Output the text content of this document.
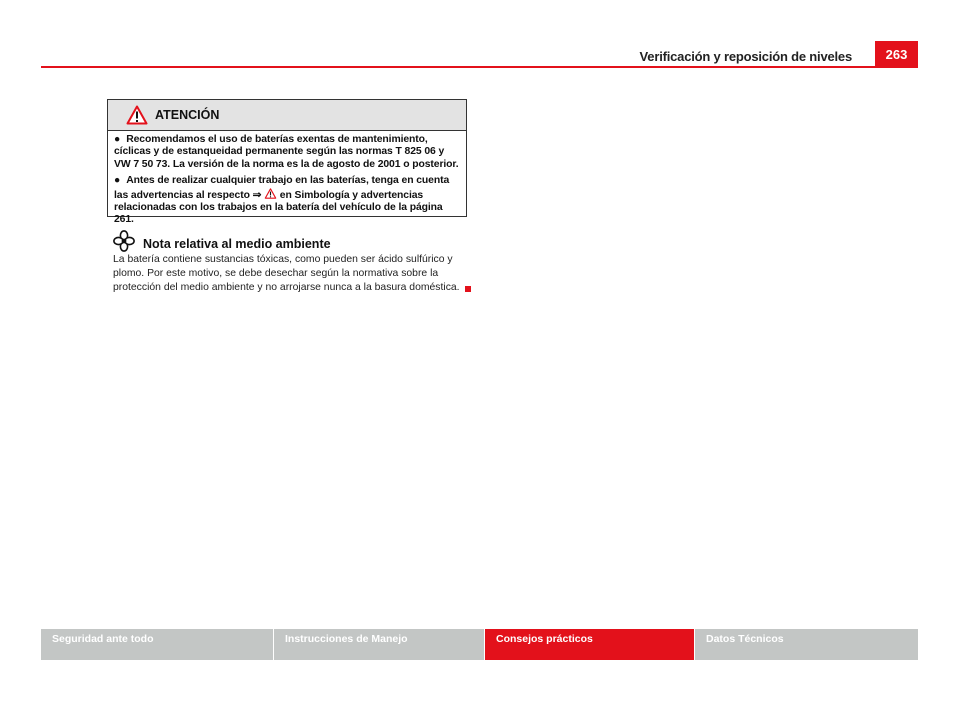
Verificación y reposición de niveles	263
ATENCIÓN

● Recomendamos el uso de baterías exentas de mantenimiento, cíclicas y de estanqueidad permanente según las normas T 825 06 y VW 7 50 73. La versión de la norma es la de agosto de 2001 o posterior.

● Antes de realizar cualquier trabajo en las baterías, tenga en cuenta las advertencias al respecto ⇒  en Simbología y advertencias relacionadas con los trabajos en la batería del vehículo de la página 261.

Nota relativa al medio ambiente

La batería contiene sustancias tóxicas, como pueden ser ácido sulfúrico y plomo. Por este motivo, se debe desechar según la normativa sobre la protección del medio ambiente y no arrojarse nunca a la basura doméstica.

Seguridad ante todo	Instrucciones de Manejo	Consejos prácticos	Datos Técnicos
